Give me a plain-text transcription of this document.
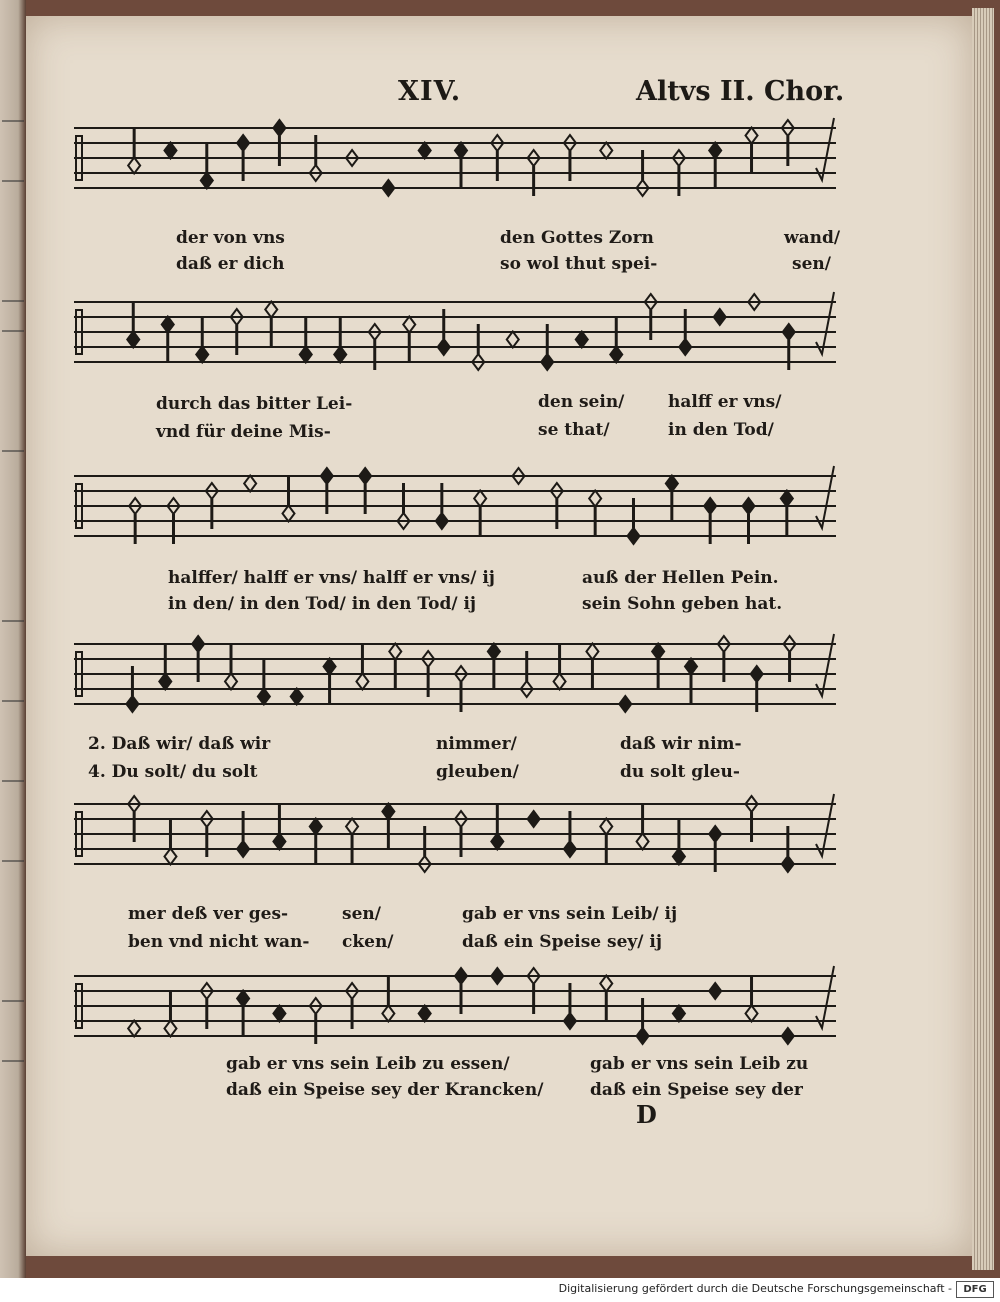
XIV.	Altvs II. Chor.
der von vns	den Gottes Zorn	wand/
daß er dich	so wol thut spei-	sen/
durch das bitter Lei-	den sein/	halff er vns/
vnd für deine Mis-	se that/	in den Tod/
halffer/ halff er vns/ halff er vns/ ij	auß der Hellen Pein.
in den/ in den Tod/ in den Tod/ ij	sein Sohn geben hat.
2. Daß wir/ daß wir	nimmer/	daß wir nim-
4. Du solt/ du solt	gleuben/	du solt gleu-
mer deß ver ges-	sen/	gab er vns sein Leib/ ij
ben vnd nicht wan- cken/	daß ein Speise sey/ ij
gab er vns sein Leib zu essen/	gab er vns sein Leib zu
daß ein Speise sey der Krancken/	daß ein Speise sey der
D
Digitalisierung gefördert durch die Deutsche Forschungsgemeinschaft -	DFG
